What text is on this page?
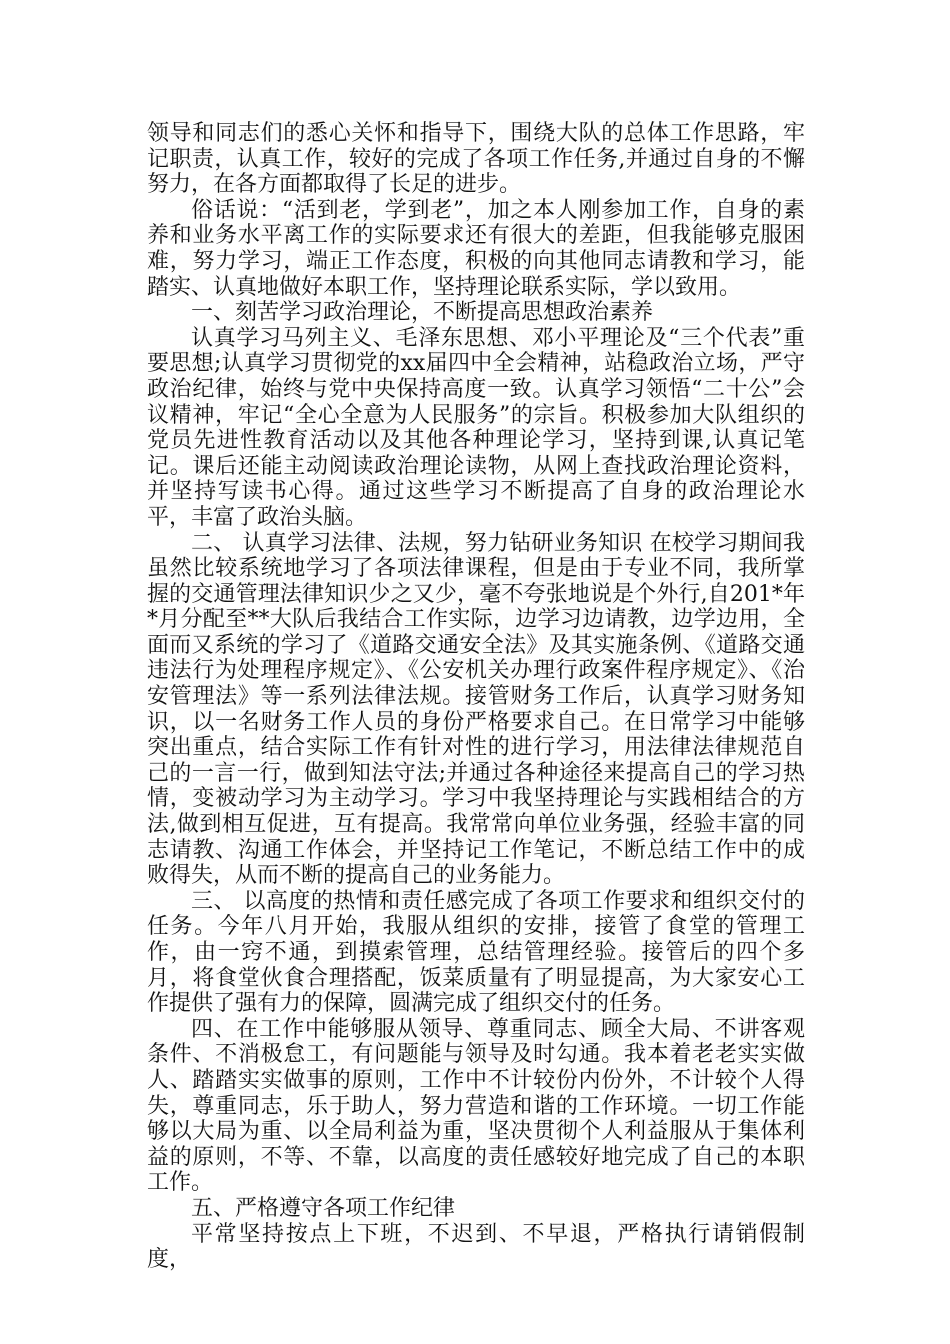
领导和同志们的悉心关怀和指导下，围绕大队的总体工作思路，牢记职责，认真工作，较好的完成了各项工作任务,并通过自身的不懈努力，在各方面都取得了长足的进步。

俗话说：“活到老，学到老”，加之本人刚参加工作，自身的素养和业务水平离工作的实际要求还有很大的差距，但我能够克服困难，努力学习，端正工作态度，积极的向其他同志请教和学习，能踏实、认真地做好本职工作，坚持理论联系实际，学以致用。

一、刻苦学习政治理论，不断提高思想政治素养

认真学习马列主义、毛泽东思想、邓小平理论及“三个代表”重要思想;认真学习贯彻党的xx届四中全会精神，站稳政治立场，严守政治纪律，始终与党中央保持高度一致。认真学习领悟“二十公”会议精神，牢记“全心全意为人民服务”的宗旨。积极参加大队组织的党员先进性教育活动以及其他各种理论学习，坚持到课,认真记笔记。课后还能主动阅读政治理论读物，从网上查找政治理论资料，并坚持写读书心得。通过这些学习不断提高了自身的政治理论水平，丰富了政治头脑。

二、 认真学习法律、法规，努力钻研业务知识 在校学习期间我虽然比较系统地学习了各项法律课程，但是由于专业不同，我所掌握的交通管理法律知识少之又少，毫不夸张地说是个外行,自201*年*月分配至**大队后我结合工作实际，边学习边请教，边学边用，全面而又系统的学习了《道路交通安全法》及其实施条例、《道路交通违法行为处理程序规定》、《公安机关办理行政案件程序规定》、《治安管理法》等一系列法律法规。接管财务工作后，认真学习财务知识，以一名财务工作人员的身份严格要求自己。在日常学习中能够突出重点，结合实际工作有针对性的进行学习，用法律法律规范自己的一言一行，做到知法守法;并通过各种途径来提高自己的学习热情，变被动学习为主动学习。学习中我坚持理论与实践相结合的方法,做到相互促进，互有提高。我常常向单位业务强，经验丰富的同志请教、沟通工作体会，并坚持记工作笔记，不断总结工作中的成败得失，从而不断的提高自己的业务能力。

三、 以高度的热情和责任感完成了各项工作要求和组织交付的任务。今年八月开始，我服从组织的安排，接管了食堂的管理工作，由一窍不通，到摸索管理，总结管理经验。接管后的四个多月，将食堂伙食合理搭配，饭菜质量有了明显提高，为大家安心工作提供了强有力的保障，圆满完成了组织交付的任务。

四、在工作中能够服从领导、尊重同志、顾全大局、不讲客观条件、不消极怠工，有问题能与领导及时勾通。我本着老老实实做人、踏踏实实做事的原则，工作中不计较份内份外，不计较个人得失，尊重同志，乐于助人，努力营造和谐的工作环境。一切工作能够以大局为重、以全局利益为重，坚决贯彻个人利益服从于集体利益的原则，不等、不靠，以高度的责任感较好地完成了自己的本职工作。

五、严格遵守各项工作纪律

平常坚持按点上下班，不迟到、不早退，严格执行请销假制度，
